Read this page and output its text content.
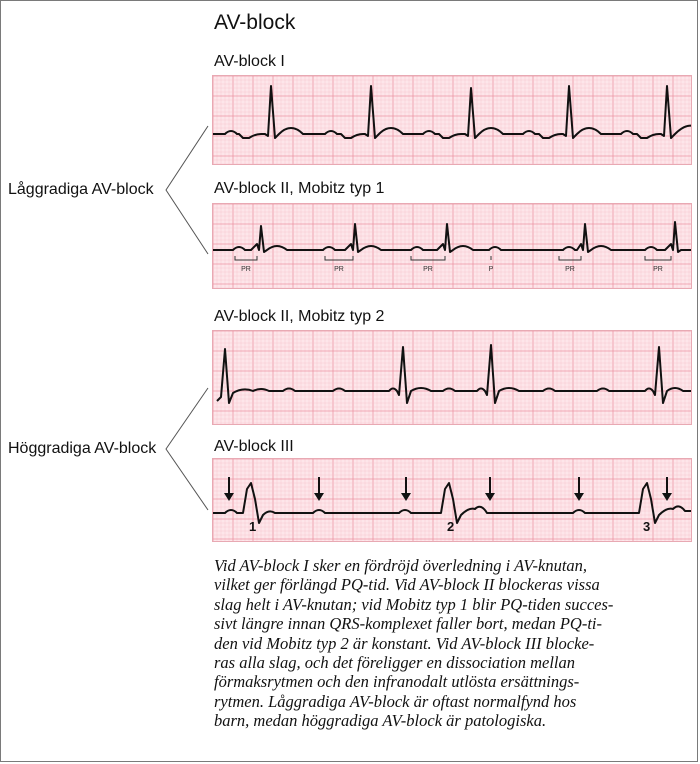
AV-block
Låggradiga AV-block
Höggradiga AV-block
AV-block I
AV-block II, Mobitz typ 1
AV-block II, Mobitz typ 2
AV-block III
PR	PR	PR	P	PR	PR
1	2	3
Vid AV-block I sker en fördröjd överledning i AV-knutan,
vilket ger förlängd PQ-tid. Vid AV-block II blockeras vissa
slag helt i AV-knutan; vid Mobitz typ 1 blir PQ-tiden succes-
sivt längre innan QRS-komplexet faller bort, medan PQ-ti-
den vid Mobitz typ 2 är konstant. Vid AV-block III blocke-
ras alla slag, och det föreligger en dissociation mellan
förmaksrytmen och den infranodalt utlösta ersättnings-
rytmen. Låggradiga AV-block är oftast normalfynd hos
barn, medan höggradiga AV-block är patologiska.
